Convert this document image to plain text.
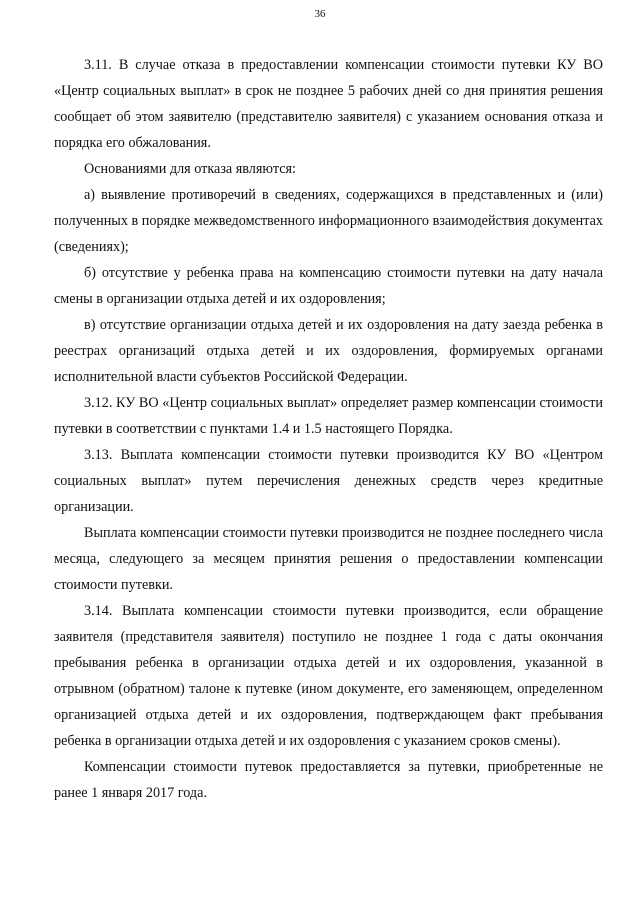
36

3.11. В случае отказа в предоставлении компенсации стоимости путевки КУ ВО «Центр социальных выплат» в срок не позднее 5 рабочих дней со дня принятия решения сообщает об этом заявителю (представителю заявителя) с указанием основания отказа и порядка его обжалования.

Основаниями для отказа являются:

а) выявление противоречий в сведениях, содержащихся в представленных и (или) полученных в порядке межведомственного информационного взаимодействия документах (сведениях);

б) отсутствие у ребенка права на компенсацию стоимости путевки на дату начала смены в организации отдыха детей и их оздоровления;

в) отсутствие организации отдыха детей и их оздоровления на дату заезда ребенка в реестрах организаций отдыха детей и их оздоровления, формируемых органами исполнительной власти субъектов Российской Федерации.

3.12. КУ ВО «Центр социальных выплат» определяет размер компенсации стоимости путевки в соответствии с пунктами 1.4 и 1.5 настоящего Порядка.

3.13. Выплата компенсации стоимости путевки производится КУ ВО «Центром социальных выплат» путем перечисления денежных средств через кредитные организации.

Выплата компенсации стоимости путевки производится не позднее последнего числа месяца, следующего за месяцем принятия решения о предоставлении компенсации стоимости путевки.

3.14. Выплата компенсации стоимости путевки производится, если обращение заявителя (представителя заявителя) поступило не позднее 1 года с даты окончания пребывания ребенка в организации отдыха детей и их оздоровления, указанной в отрывном (обратном) талоне к путевке (ином документе, его заменяющем, определенном организацией отдыха детей и их оздоровления, подтверждающем факт пребывания ребенка в организации отдыха детей и их оздоровления с указанием сроков смены).

Компенсации стоимости путевок предоставляется за путевки, приобретенные не ранее 1 января 2017 года.
